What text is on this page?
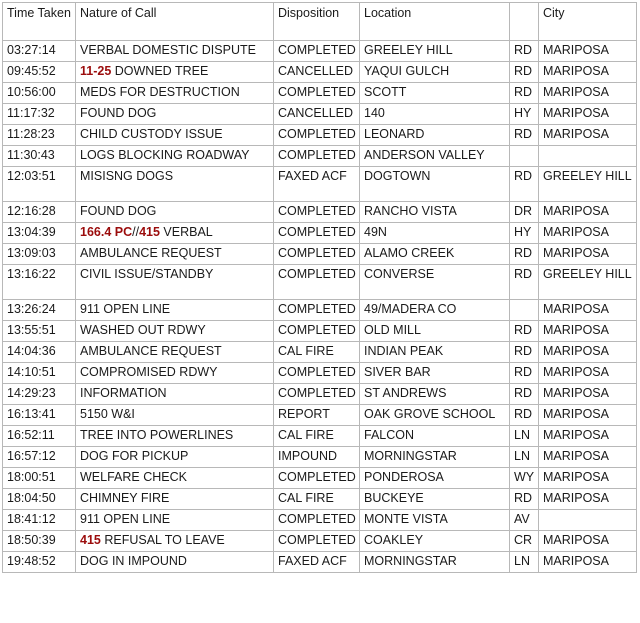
Time Taken	Nature of Call	Disposition	Location		City
03:27:14	VERBAL DOMESTIC DISPUTE	COMPLETED	GREELEY HILL	RD	MARIPOSA
09:45:52	11-25 DOWNED TREE	CANCELLED	YAQUI GULCH	RD	MARIPOSA
10:56:00	MEDS FOR DESTRUCTION	COMPLETED	SCOTT	RD	MARIPOSA
11:17:32	FOUND DOG	CANCELLED	140	HY	MARIPOSA
11:28:23	CHILD CUSTODY ISSUE	COMPLETED	LEONARD	RD	MARIPOSA
11:30:43	LOGS BLOCKING ROADWAY	COMPLETED	ANDERSON VALLEY		
12:03:51	MISISNG DOGS	FAXED ACF	DOGTOWN	RD	GREELEY HILL
12:16:28	FOUND DOG	COMPLETED	RANCHO VISTA	DR	MARIPOSA
13:04:39	166.4 PC//415 VERBAL	COMPLETED	49N	HY	MARIPOSA
13:09:03	AMBULANCE REQUEST	COMPLETED	ALAMO CREEK	RD	MARIPOSA
13:16:22	CIVIL ISSUE/STANDBY	COMPLETED	CONVERSE	RD	GREELEY HILL
13:26:24	911 OPEN LINE	COMPLETED	49/MADERA CO		MARIPOSA
13:55:51	WASHED OUT RDWY	COMPLETED	OLD MILL	RD	MARIPOSA
14:04:36	AMBULANCE REQUEST	CAL FIRE	INDIAN PEAK	RD	MARIPOSA
14:10:51	COMPROMISED RDWY	COMPLETED	SIVER BAR	RD	MARIPOSA
14:29:23	INFORMATION	COMPLETED	ST ANDREWS	RD	MARIPOSA
16:13:41	5150 W&I	REPORT	OAK GROVE SCHOOL	RD	MARIPOSA
16:52:11	TREE INTO POWERLINES	CAL FIRE	FALCON	LN	MARIPOSA
16:57:12	DOG FOR PICKUP	IMPOUND	MORNINGSTAR	LN	MARIPOSA
18:00:51	WELFARE CHECK	COMPLETED	PONDEROSA	WY	MARIPOSA
18:04:50	CHIMNEY FIRE	CAL FIRE	BUCKEYE	RD	MARIPOSA
18:41:12	911 OPEN LINE	COMPLETED	MONTE VISTA	AV	
18:50:39	415 REFUSAL TO LEAVE	COMPLETED	COAKLEY	CR	MARIPOSA
19:48:52	DOG IN IMPOUND	FAXED ACF	MORNINGSTAR	LN	MARIPOSA
